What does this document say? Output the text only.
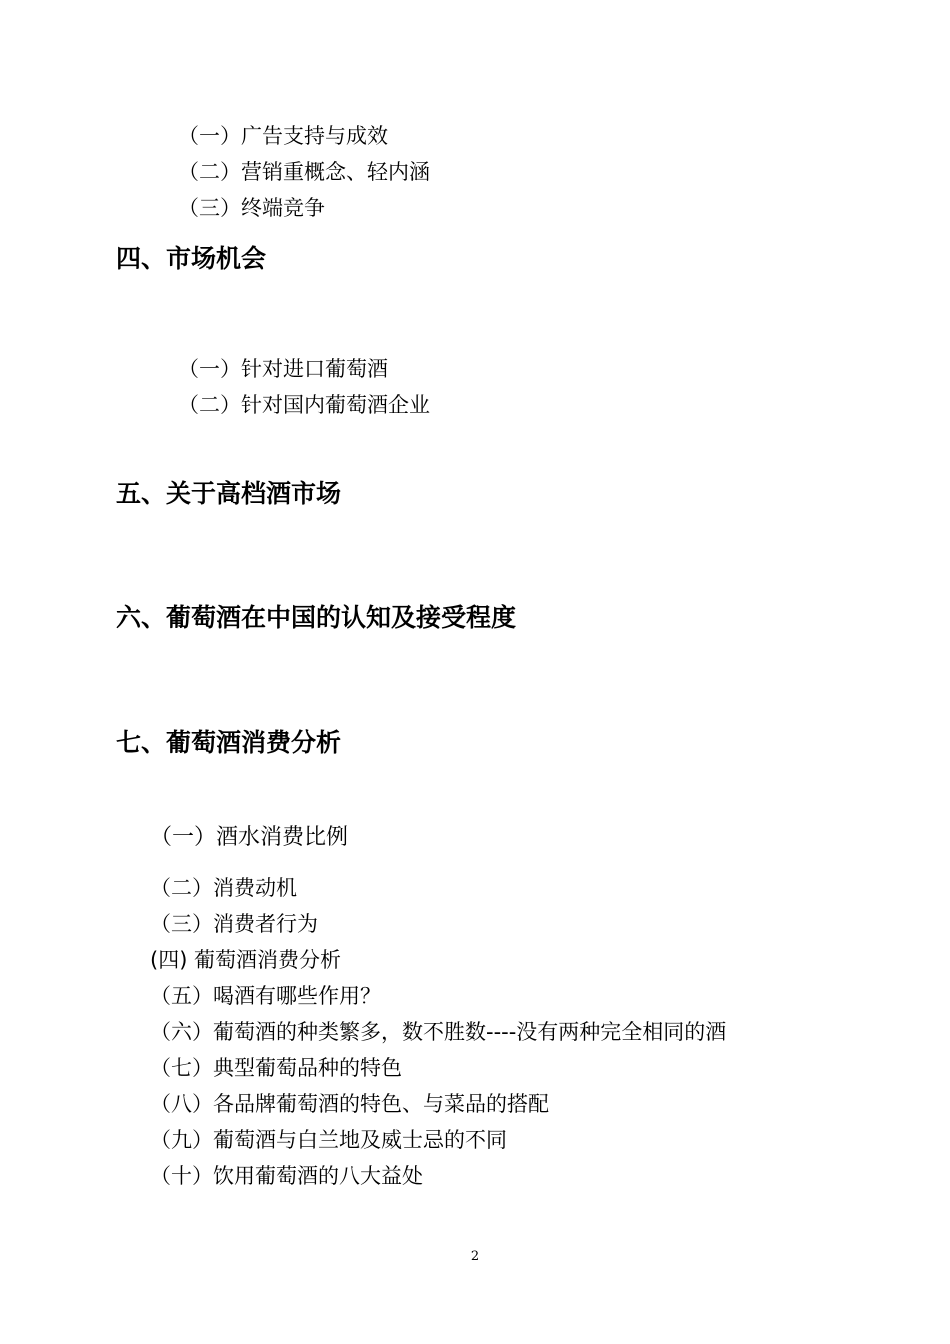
（一）广告支持与成效
（二）营销重概念、轻内涵
（三）终端竞争
四、市场机会
（一）针对进口葡萄酒
（二）针对国内葡萄酒企业
五、关于高档酒市场
六、葡萄酒在中国的认知及接受程度
七、葡萄酒消费分析
（一）酒水消费比例
（二）消费动机
（三）消费者行为
(四) 葡萄酒消费分析
（五）喝酒有哪些作用？
（六）葡萄酒的种类繁多，数不胜数----没有两种完全相同的酒
（七）典型葡萄品种的特色
（八）各品牌葡萄酒的特色、与菜品的搭配
（九）葡萄酒与白兰地及威士忌的不同
（十）饮用葡萄酒的八大益处
2
